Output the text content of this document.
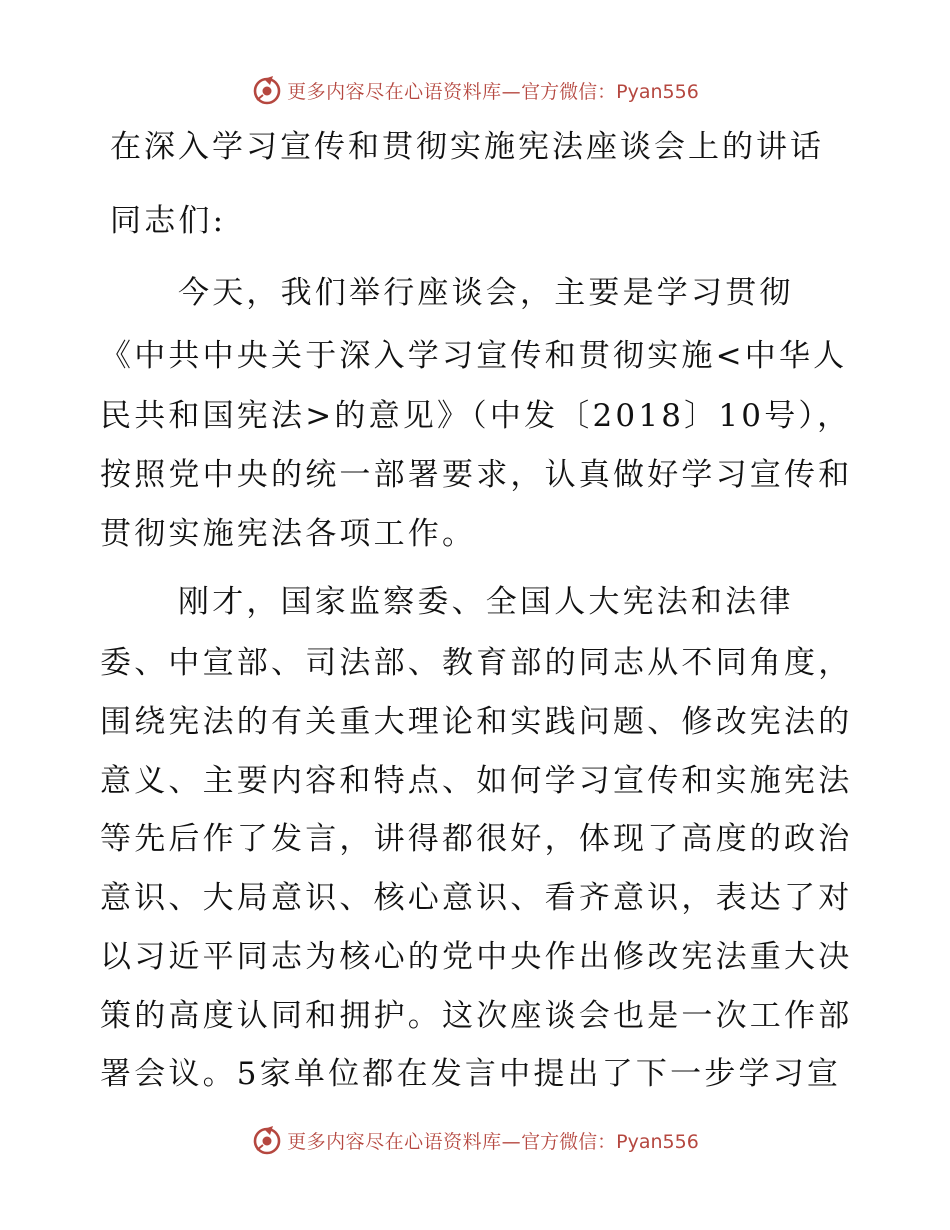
更多内容尽在心语资料库— 官方微信：Pyan556
在深入学习宣传和贯彻实施宪法座谈会上的讲话
同志们:
今天，我们举行座谈会，主要是学习贯彻
《中共中央关于深入学习宣传和贯彻实施<中华人
民共和国宪法>的意见》（中发〔2018〕10号），
按照党中央的统一部署要求，认真做好学习宣传和
贯彻实施宪法各项工作。
刚才，国家监察委、全国人大宪法和法律
委、中宣部、司法部、教育部的同志从不同角度，
围绕宪法的有关重大理论和实践问题、修改宪法的
意义、主要内容和特点、如何学习宣传和实施宪法
等先后作了发言，讲得都很好，体现了高度的政治
意识、大局意识、核心意识、看齐意识，表达了对
以习近平同志为核心的党中央作出修改宪法重大决
策的高度认同和拥护。这次座谈会也是一次工作部
署会议。5家单位都在发言中提出了下一步学习宣
更多内容尽在心语资料库— 官方微信：Pyan556
